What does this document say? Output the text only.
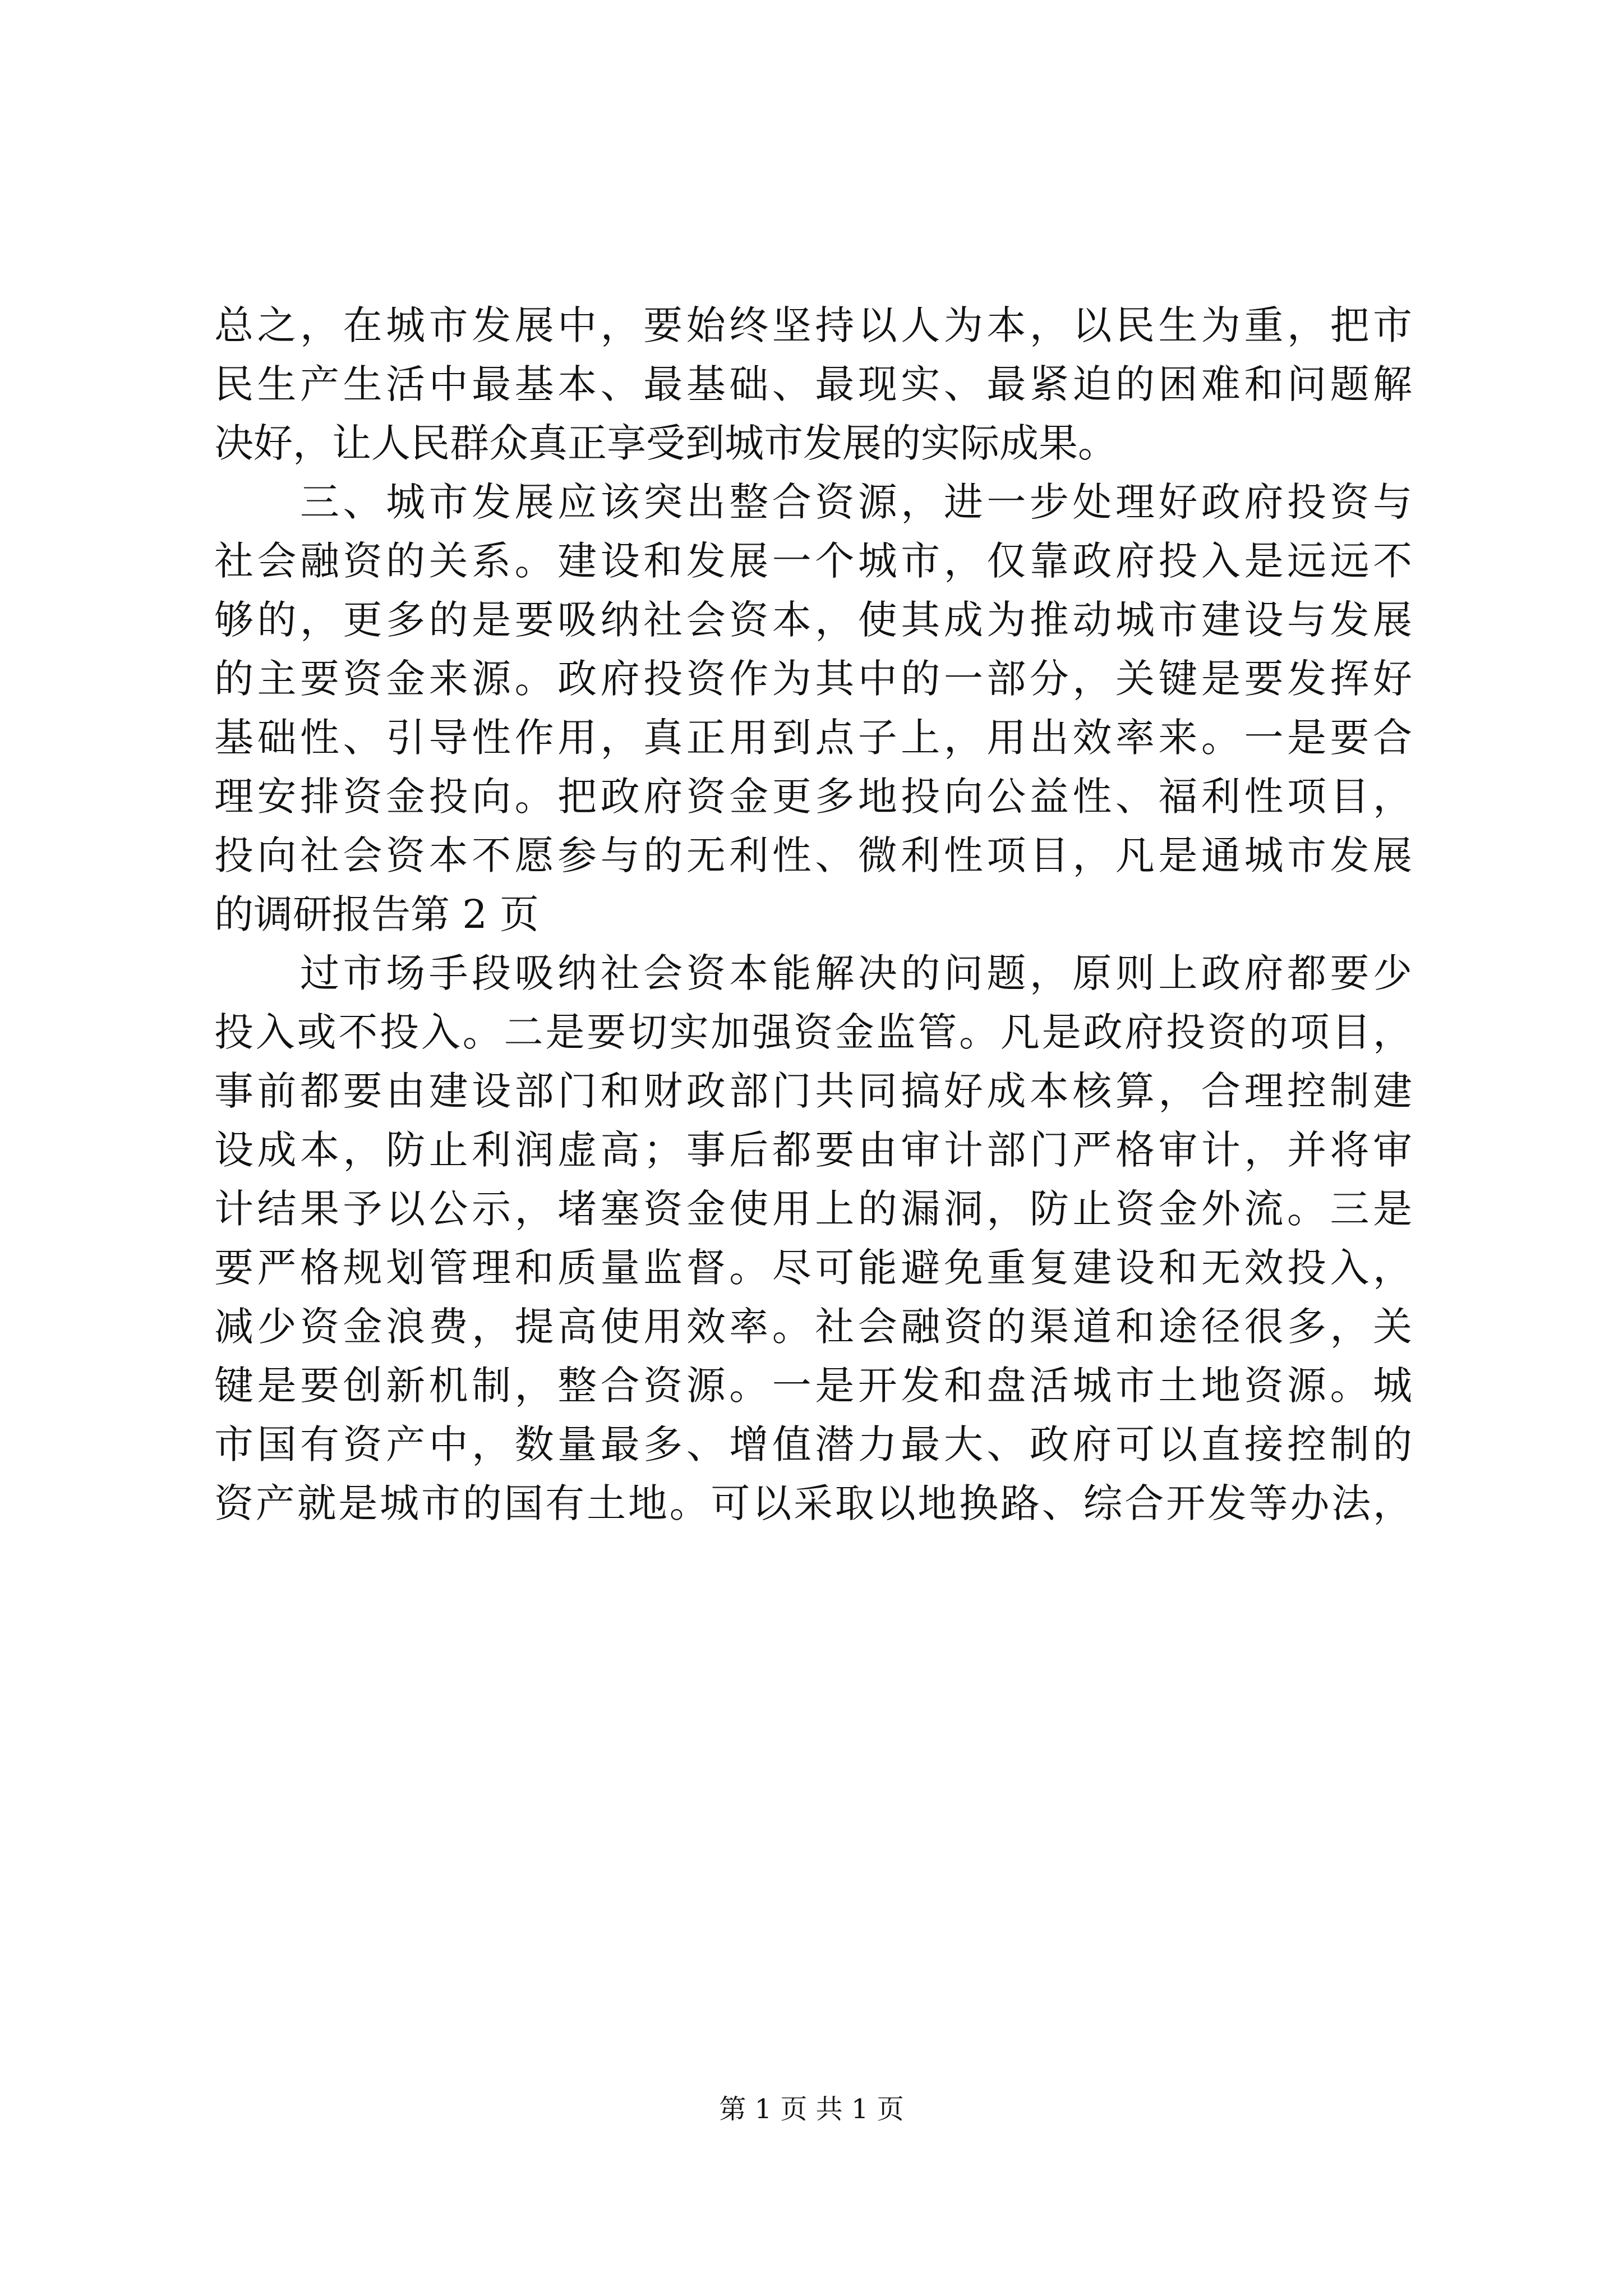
总之，在城市发展中，要始终坚持以人为本，以民生为重，把市
民生产生活中最基本、最基础、最现实、最紧迫的困难和问题解
决好，让人民群众真正享受到城市发展的实际成果。
　　三、城市发展应该突出整合资源，进一步处理好政府投资与
社会融资的关系。建设和发展一个城市，仅靠政府投入是远远不
够的，更多的是要吸纳社会资本，使其成为推动城市建设与发展
的主要资金来源。政府投资作为其中的一部分，关键是要发挥好
基础性、引导性作用，真正用到点子上，用出效率来。一是要合
理安排资金投向。把政府资金更多地投向公益性、福利性项目，
投向社会资本不愿参与的无利性、微利性项目，凡是通城市发展
的调研报告第 2 页
　　过市场手段吸纳社会资本能解决的问题，原则上政府都要少
投入或不投入。二是要切实加强资金监管。凡是政府投资的项目，
事前都要由建设部门和财政部门共同搞好成本核算，合理控制建
设成本，防止利润虚高；事后都要由审计部门严格审计，并将审
计结果予以公示，堵塞资金使用上的漏洞，防止资金外流。三是
要严格规划管理和质量监督。尽可能避免重复建设和无效投入，
减少资金浪费，提高使用效率。社会融资的渠道和途径很多，关
键是要创新机制，整合资源。一是开发和盘活城市土地资源。城
市国有资产中，数量最多、增值潜力最大、政府可以直接控制的
资产就是城市的国有土地。可以采取以地换路、综合开发等办法，
第 1 页 共 1 页
